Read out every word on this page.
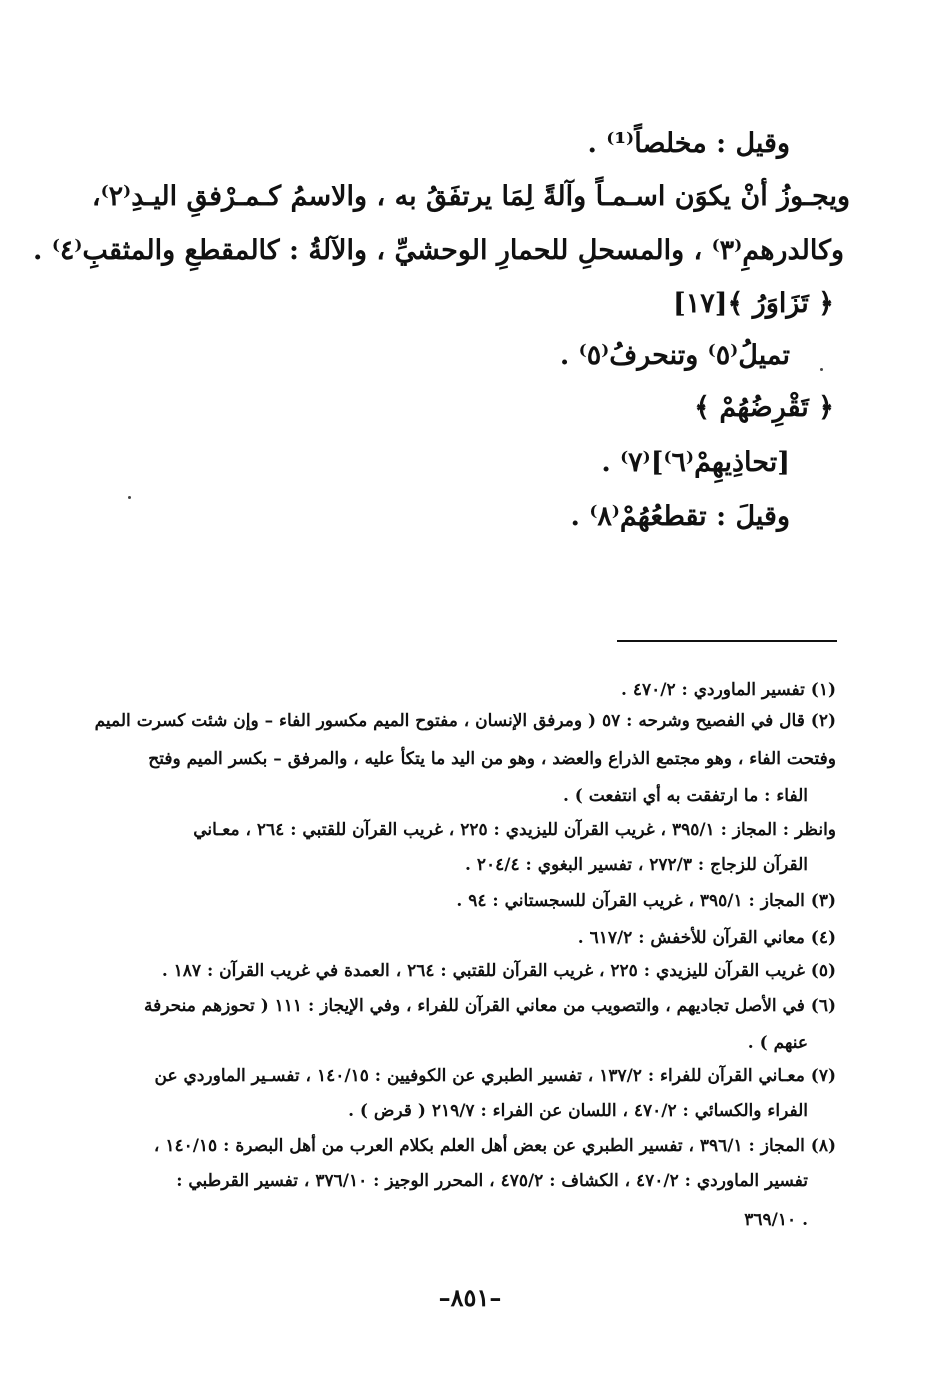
وقيل : مخلصاً⁽¹⁾ .
ويجـوزُ أنْ يكوَن اسـمـاً وآلةً لِمَا يرتفَقُ به ، والاسمُ كـمـرْفقِ اليـدِ⁽٢⁾،
وكالدرهمِ⁽٣⁾ ، والمسحلِ للحمارِ الوحشيِّ ، والآلةُ : كالمقطعِ والمثقبِ⁽٤⁾ .
﴿ تَزَاوَرُ ﴾[١٧]
تميلُ⁽٥⁾ وتنحرفُ⁽٥⁾ .
﴿ تَقْرِضُهُمْ ﴾
[تحاذِيهِمْ⁽٦⁾]⁽٧⁾ .
وقيلَ : تقطعُهُمْ⁽٨⁾ .
(١) تفسير الماوردي : ٤٧٠/٢ .
(٢) قال في الفصيح وشرحه : ٥٧ ( ومرفق الإنسان ، مفتوح الميم مكسور الفاء – وإن شئت كسرت الميم
وفتحت الفاء ، وهو مجتمع الذراع والعضد ، وهو من اليد ما يتكأ عليه ، والمرفق – بكسر الميم وفتح
الفاء : ما ارتفقت به أي انتفعت ) .
وانظر : المجاز : ٣٩٥/١ ، غريب القرآن لليزيدي : ٢٢٥ ، غريب القرآن للقتبي : ٢٦٤ ، معـاني
القرآن للزجاج : ٢٧٢/٣ ، تفسير البغوي : ٢٠٤/٤ .
(٣) المجاز : ٣٩٥/١ ، غريب القرآن للسجستاني : ٩٤ .
(٤) معاني القرآن للأخفش : ٦١٧/٢ .
(٥) غريب القرآن لليزيدي : ٢٢٥ ، غريب القرآن للقتبي : ٢٦٤ ، العمدة في غريب القرآن : ١٨٧ .
(٦) في الأصل تجاديهم ، والتصويب من معاني القرآن للفراء ، وفي الإيجاز : ١١١ ( تحوزهم منحرفة
عنهم ) .
(٧) معـاني القرآن للفراء : ١٣٧/٢ ، تفسير الطبري عن الكوفيين : ١٤٠/١٥ ، تفسـير الماوردي عن
الفراء والكسائي : ٤٧٠/٢ ، اللسان عن الفراء : ٢١٩/٧ ( قرض ) .
(٨) المجاز : ٣٩٦/١ ، تفسير الطبري عن بعض أهل العلم بكلام العرب من أهل البصرة : ١٤٠/١٥ ،
تفسير الماوردي : ٤٧٠/٢ ، الكشاف : ٤٧٥/٢ ، المحرر الوجيز : ٣٧٦/١٠ ، تفسير القرطبي :
٣٦٩/١٠ .
–٨٥١–
